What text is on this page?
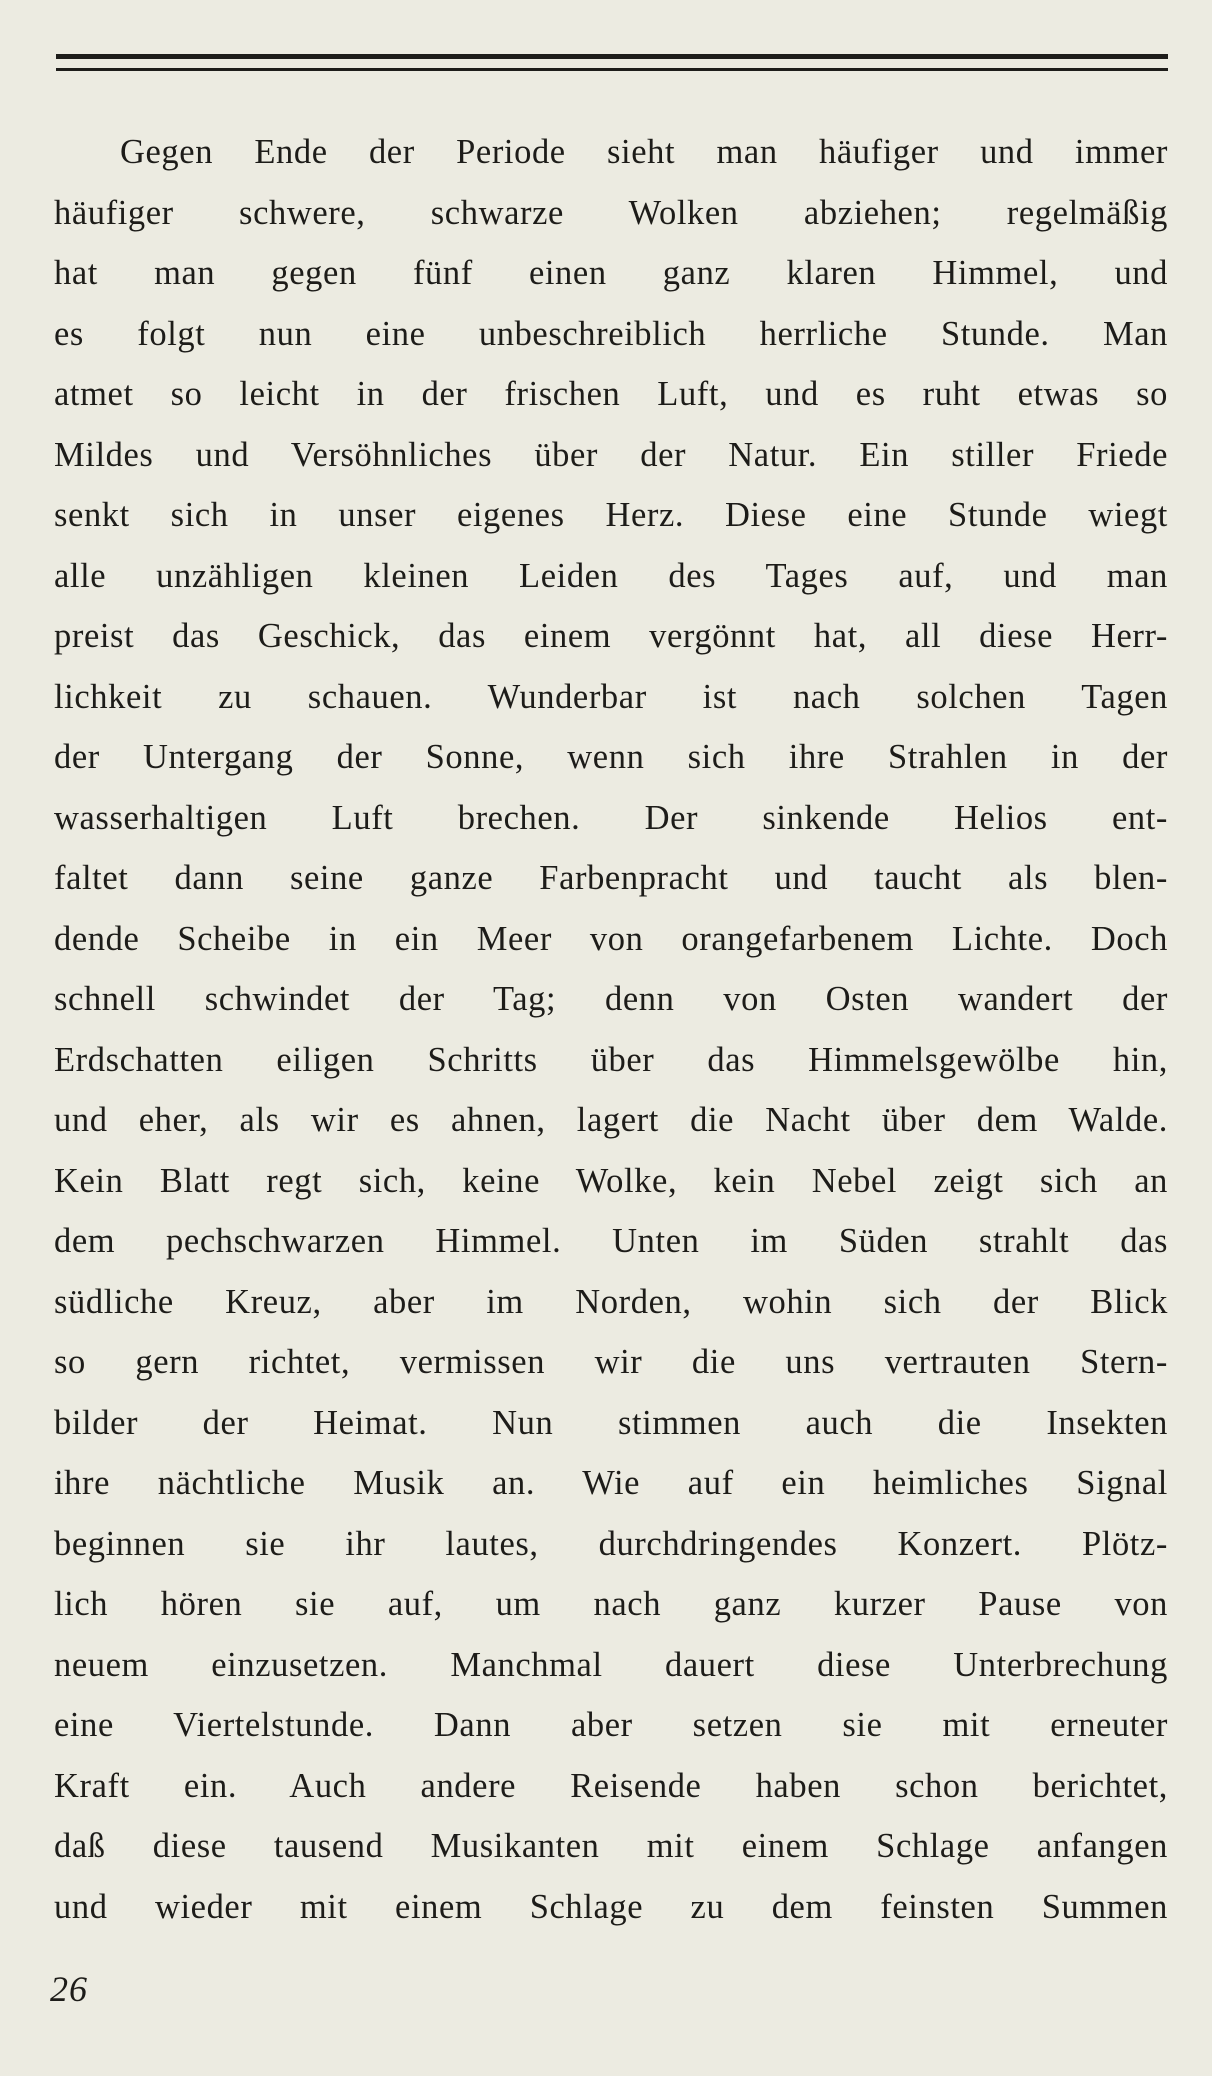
Gegen Ende der Periode sieht man häufiger und immer
häufiger schwere, schwarze Wolken abziehen; regelmäßig
hat man gegen fünf einen ganz klaren Himmel, und
es folgt nun eine unbeschreiblich herrliche Stunde. Man
atmet so leicht in der frischen Luft, und es ruht etwas so
Mildes und Versöhnliches über der Natur. Ein stiller Friede
senkt sich in unser eigenes Herz. Diese eine Stunde wiegt
alle unzähligen kleinen Leiden des Tages auf, und man
preist das Geschick, das einem vergönnt hat, all diese Herr-
lichkeit zu schauen. Wunderbar ist nach solchen Tagen
der Untergang der Sonne, wenn sich ihre Strahlen in der
wasserhaltigen Luft brechen. Der sinkende Helios ent-
faltet dann seine ganze Farbenpracht und taucht als blen-
dende Scheibe in ein Meer von orangefarbenem Lichte. Doch
schnell schwindet der Tag; denn von Osten wandert der
Erdschatten eiligen Schritts über das Himmelsgewölbe hin,
und eher, als wir es ahnen, lagert die Nacht über dem Walde.
Kein Blatt regt sich, keine Wolke, kein Nebel zeigt sich an
dem pechschwarzen Himmel. Unten im Süden strahlt das
südliche Kreuz, aber im Norden, wohin sich der Blick
so gern richtet, vermissen wir die uns vertrauten Stern-
bilder der Heimat. Nun stimmen auch die Insekten
ihre nächtliche Musik an. Wie auf ein heimliches Signal
beginnen sie ihr lautes, durchdringendes Konzert. Plötz-
lich hören sie auf, um nach ganz kurzer Pause von
neuem einzusetzen. Manchmal dauert diese Unterbrechung
eine Viertelstunde. Dann aber setzen sie mit erneuter
Kraft ein. Auch andere Reisende haben schon berichtet,
daß diese tausend Musikanten mit einem Schlage anfangen
und wieder mit einem Schlage zu dem feinsten Summen
26
